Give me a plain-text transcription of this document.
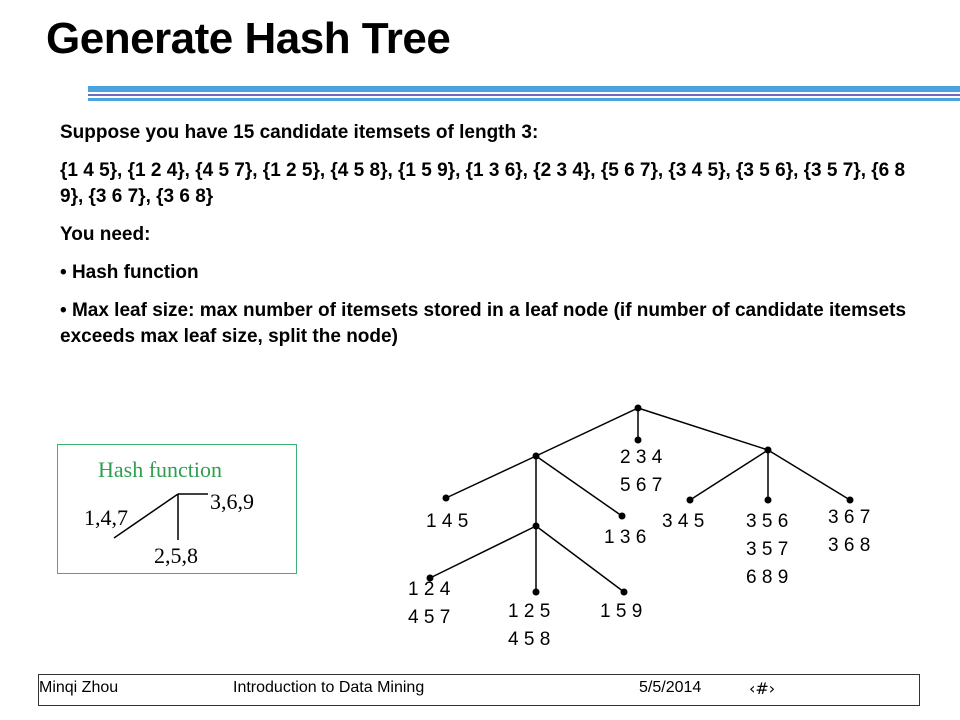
Generate Hash Tree

Suppose you have 15 candidate itemsets of length 3:

{1 4 5}, {1 2 4}, {4 5 7}, {1 2 5}, {4 5 8}, {1 5 9}, {1 3 6}, {2 3 4}, {5 6 7}, {3 4 5}, {3 5 6}, {3 5 7}, {6 8 9}, {3 6 7}, {3 6 8}

You need:

• Hash function

• Max leaf size: max number of itemsets stored in a leaf node (if number of candidate itemsets exceeds max leaf size, split the node)

Hash function
1,4,7
2,5,8
3,6,9
1 4 5
2 3 4
5 6 7
1 3 6
3 4 5 3 5 6
3 5 7
6 8 9
3 6 7
3 6 8
1 2 4
4 5 7	1 2 5
4 5 8
1 5 9
Minqi Zhou	Introduction to Data Mining	5/5/2014	‹#›
